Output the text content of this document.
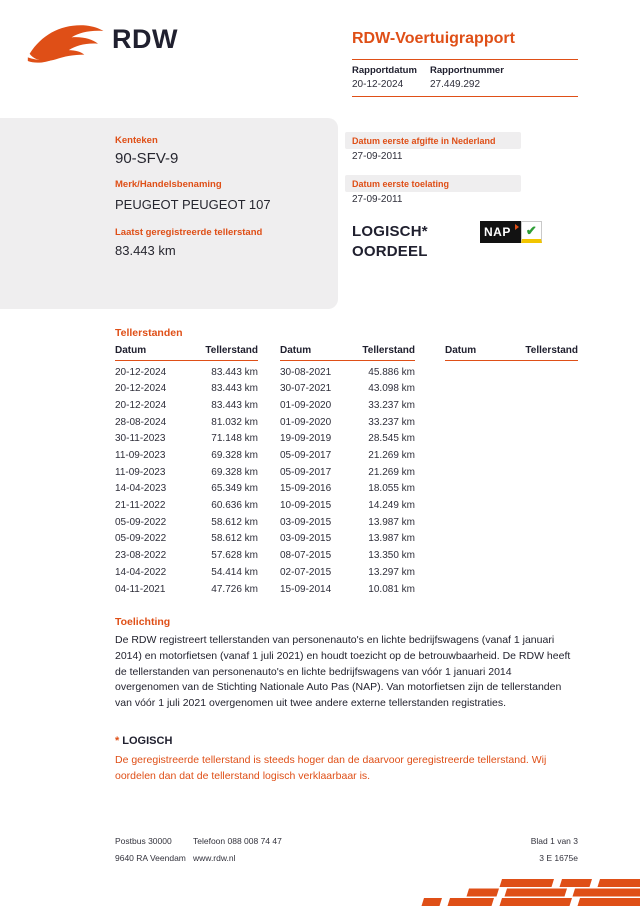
RDW	RDW-Voertuigrapport
Rapportdatum Rapportnummer
20-12-2024	27.449.292
Kenteken
90-SFV-9
Merk/Handelsbenaming
PEUGEOT PEUGEOT 107
Laatst geregistreerde tellerstand
83.443 km
Datum eerste afgifte in Nederland
27-09-2011
Datum eerste toelating
27-09-2011
LOGISCH* OORDEEL
NAP	✔
Tellerstanden
Datum	Tellerstand
20-12-2024	83.443 km
20-12-2024	83.443 km
20-12-2024	83.443 km
28-08-2024	81.032 km
30-11-2023	71.148 km
11-09-2023	69.328 km
11-09-2023	69.328 km
14-04-2023	65.349 km
21-11-2022	60.636 km
05-09-2022	58.612 km
05-09-2022	58.612 km
23-08-2022	57.628 km
14-04-2022	54.414 km
04-11-2021	47.726 km
Datum	Tellerstand
30-08-2021	45.886 km
30-07-2021	43.098 km
01-09-2020	33.237 km
01-09-2020	33.237 km
19-09-2019	28.545 km
05-09-2017	21.269 km
05-09-2017	21.269 km
15-09-2016	18.055 km
10-09-2015	14.249 km
03-09-2015	13.987 km
03-09-2015	13.987 km
08-07-2015	13.350 km
02-07-2015	13.297 km
15-09-2014	10.081 km
Datum	Tellerstand
Toelichting
De RDW registreert tellerstanden van personenauto's en lichte bedrijfswagens (vanaf 1 januari 2014) en motorfietsen (vanaf 1 juli 2021) en houdt toezicht op de betrouwbaarheid. De RDW heeft de tellerstanden van personenauto's en lichte bedrijfswagens van vóór 1 januari 2014 overgenomen van de Stichting Nationale Auto Pas (NAP). Van motorfietsen zijn de tellerstanden van vóór 1 juli 2021 overgenomen uit twee andere externe tellerstanden registraties.
* LOGISCH
De geregistreerde tellerstand is steeds hoger dan de daarvoor geregistreerde tellerstand. Wij oordelen dan dat de tellerstand logisch verklaarbaar is.
Postbus 30000
9640 RA Veendam
Telefoon 088 008 74 47
www.rdw.nl
Blad 1 van 3
3 E 1675e
